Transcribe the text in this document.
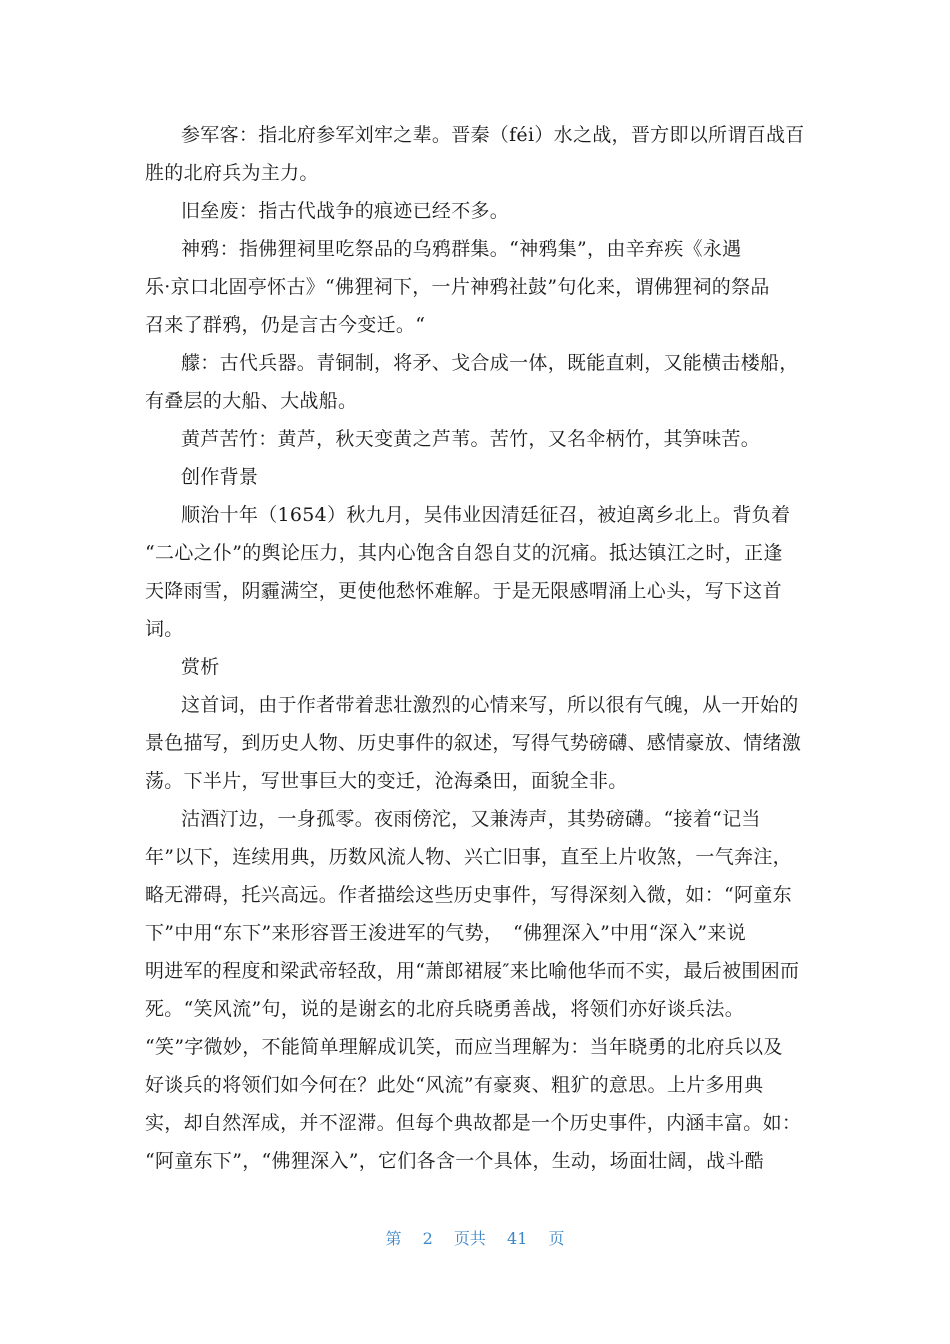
参军客：指北府参军刘牢之辈。晋秦（féi）水之战，晋方即以所谓百战百
胜的北府兵为主力。
旧垒废：指古代战争的痕迹已经不多。
神鸦：指佛狸祠里吃祭品的乌鸦群集。“神鸦集”，由辛弃疾《永遇
乐·京口北固亭怀古》“佛狸祠下，一片神鸦社鼓”句化来，谓佛狸祠的祭品
召来了群鸦，仍是言古今变迁。“
艨：古代兵器。青铜制，将矛、戈合成一体，既能直刺，又能横击楼船，
有叠层的大船、大战船。
黄芦苦竹：黄芦，秋天变黄之芦苇。苦竹，又名伞柄竹，其笋味苦。
创作背景
顺治十年（1654）秋九月，吴伟业因清廷征召，被迫离乡北上。背负着
“二心之仆”的舆论压力，其内心饱含自怨自艾的沉痛。抵达镇江之时，正逢
天降雨雪，阴霾满空，更使他愁怀难解。于是无限感喟涌上心头，写下这首
词。
赏析
这首词，由于作者带着悲壮激烈的心情来写，所以很有气魄，从一开始的
景色描写，到历史人物、历史事件的叙述，写得气势磅礴、感情豪放、情绪激
荡。下半片，写世事巨大的变迁，沧海桑田，面貌全非。
沽酒汀边，一身孤零。夜雨傍沱，又兼涛声，其势磅礴。“接着“记当
年”以下，连续用典，历数风流人物、兴亡旧事，直至上片收煞，一气奔注，
略无滞碍，托兴高远。作者描绘这些历史事件，写得深刻入微，如：“阿童东
下”中用“东下”来形容晋王浚进军的气势，　“佛狸深入”中用“深入”来说
明进军的程度和梁武帝轻敌，用“萧郎裙屐″来比喻他华而不实，最后被围困而
死。“笑风流”句，说的是谢玄的北府兵晓勇善战，将领们亦好谈兵法。
“笑”字微妙，不能简单理解成讥笑，而应当理解为：当年晓勇的北府兵以及
好谈兵的将领们如今何在？此处“风流”有豪爽、粗犷的意思。上片多用典
实，却自然浑成，并不涩滞。但每个典故都是一个历史事件，内涵丰富。如：
“阿童东下”，“佛狸深入”，它们各含一个具体，生动，场面壮阔，战斗酷
第 2 页共 41 页
